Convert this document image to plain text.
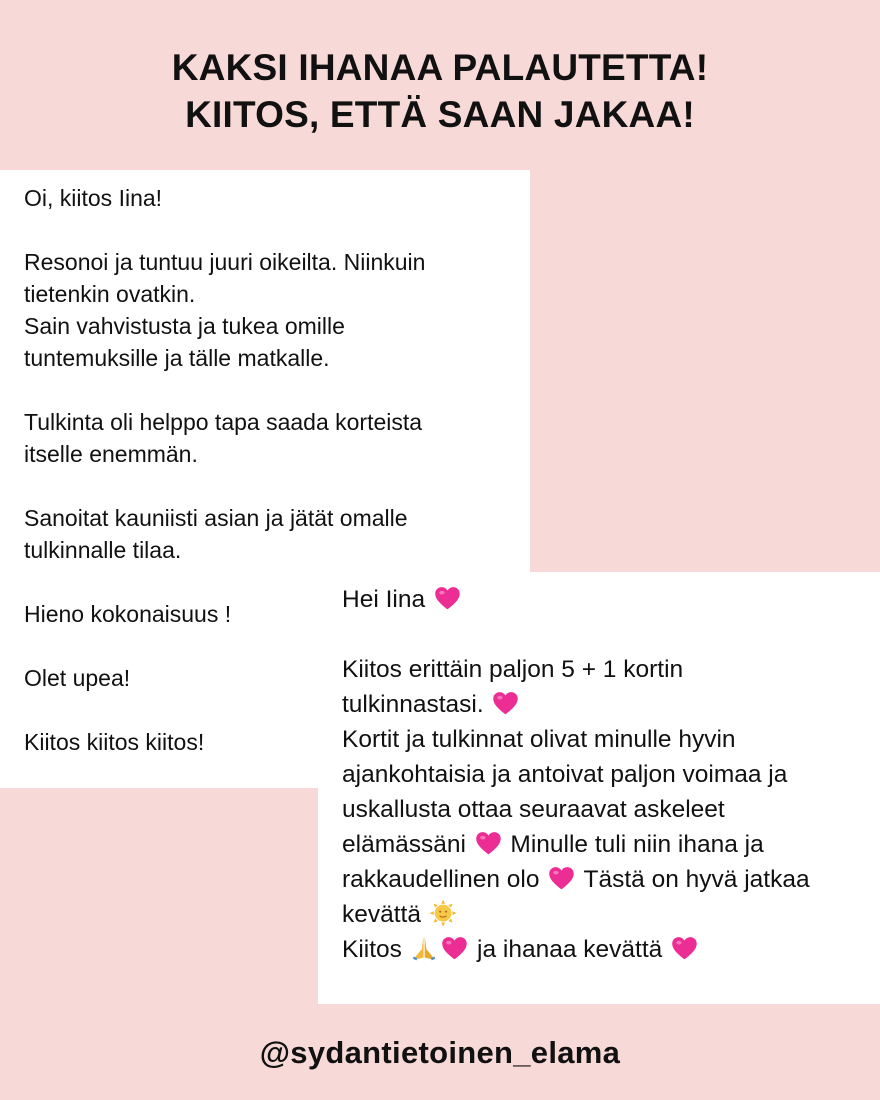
KAKSI IHANAA PALAUTETTA!
KIITOS, ETTÄ SAAN JAKAA!
Oi, kiitos Iina!
Resonoi ja tuntuu juuri oikeilta. Niinkuin
tietenkin ovatkin.
Sain vahvistusta ja tukea omille
tuntemuksille ja tälle matkalle.
Tulkinta oli helppo tapa saada korteista
itselle enemmän.
Sanoitat kauniisti asian ja jätät omalle
tulkinnalle tilaa.
Hieno kokonaisuus !
Olet upea!
Kiitos kiitos kiitos!
Hei Iina
Kiitos erittäin paljon 5 + 1 kortin
tulkinnastasi.
Kortit ja tulkinnat olivat minulle hyvin
ajankohtaisia ja antoivat paljon voimaa ja
uskallusta ottaa seuraavat askeleet
elämässäni Minulle tuli niin ihana ja
rakkaudellinen olo Tästä on hyvä jatkaa
kevättä
Kiitos	ja ihanaa kevättä
@sydantietoinen_elama
